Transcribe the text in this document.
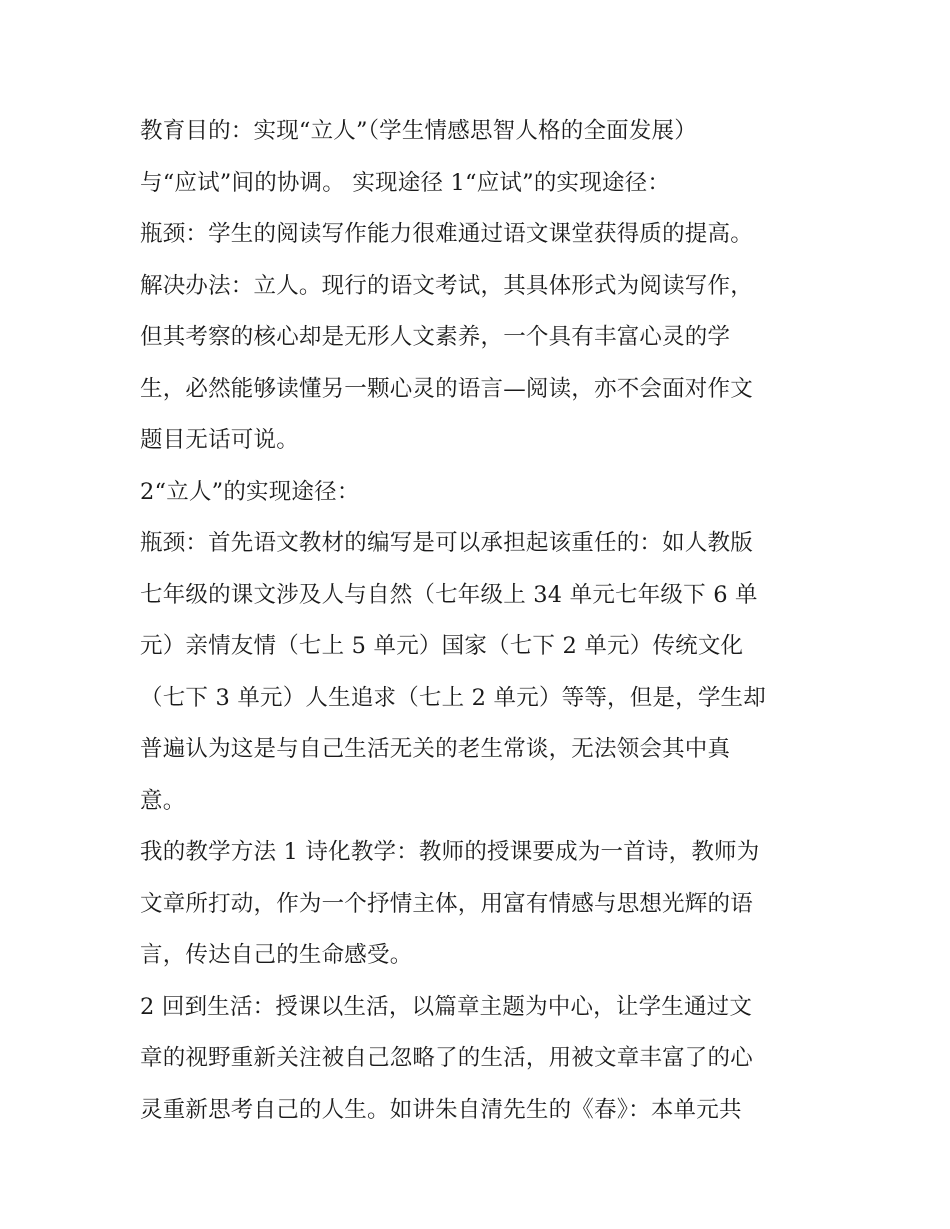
教育目的：实现“立人”（学生情感思智人格的全面发展）
与“应试”间的协调。 实现途径 1“应试”的实现途径：
瓶颈：学生的阅读写作能力很难通过语文课堂获得质的提高。
解决办法：立人。现行的语文考试，其具体形式为阅读写作，
但其考察的核心却是无形人文素养，一个具有丰富心灵的学
生，必然能够读懂另一颗心灵的语言—阅读，亦不会面对作文
题目无话可说。
2“立人”的实现途径：
瓶颈：首先语文教材的编写是可以承担起该重任的：如人教版
七年级的课文涉及人与自然（七年级上 34 单元七年级下 6 单
元）亲情友情（七上 5 单元）国家（七下 2 单元）传统文化
（七下 3 单元）人生追求（七上 2 单元）等等，但是，学生却
普遍认为这是与自己生活无关的老生常谈，无法领会其中真
意。
我的教学方法 1 诗化教学：教师的授课要成为一首诗，教师为
文章所打动，作为一个抒情主体，用富有情感与思想光辉的语
言，传达自己的生命感受。
2 回到生活：授课以生活，以篇章主题为中心，让学生通过文
章的视野重新关注被自己忽略了的生活，用被文章丰富了的心
灵重新思考自己的人生。如讲朱自清先生的《春》：本单元共
